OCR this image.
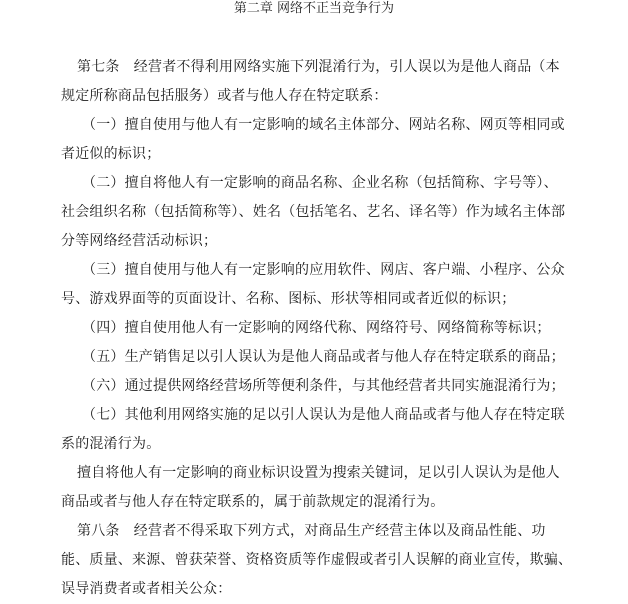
第二章 网络不正当竞争行为
第七条　经营者不得利用网络实施下列混淆行为，引人误以为是他人商品（本
规定所称商品包括服务）或者与他人存在特定联系：
（一）擅自使用与他人有一定影响的域名主体部分、网站名称、网页等相同或
者近似的标识；
（二）擅自将他人有一定影响的商品名称、企业名称（包括简称、字号等）、
社会组织名称（包括简称等）、姓名（包括笔名、艺名、译名等）作为域名主体部
分等网络经营活动标识；
（三）擅自使用与他人有一定影响的应用软件、网店、客户端、小程序、公众
号、游戏界面等的页面设计、名称、图标、形状等相同或者近似的标识；
（四）擅自使用他人有一定影响的网络代称、网络符号、网络简称等标识；
（五）生产销售足以引人误认为是他人商品或者与他人存在特定联系的商品；
（六）通过提供网络经营场所等便利条件，与其他经营者共同实施混淆行为；
（七）其他利用网络实施的足以引人误认为是他人商品或者与他人存在特定联
系的混淆行为。
擅自将他人有一定影响的商业标识设置为搜索关键词，足以引人误认为是他人
商品或者与他人存在特定联系的，属于前款规定的混淆行为。
第八条　经营者不得采取下列方式，对商品生产经营主体以及商品性能、功
能、质量、来源、曾获荣誉、资格资质等作虚假或者引人误解的商业宣传，欺骗、
误导消费者或者相关公众：
